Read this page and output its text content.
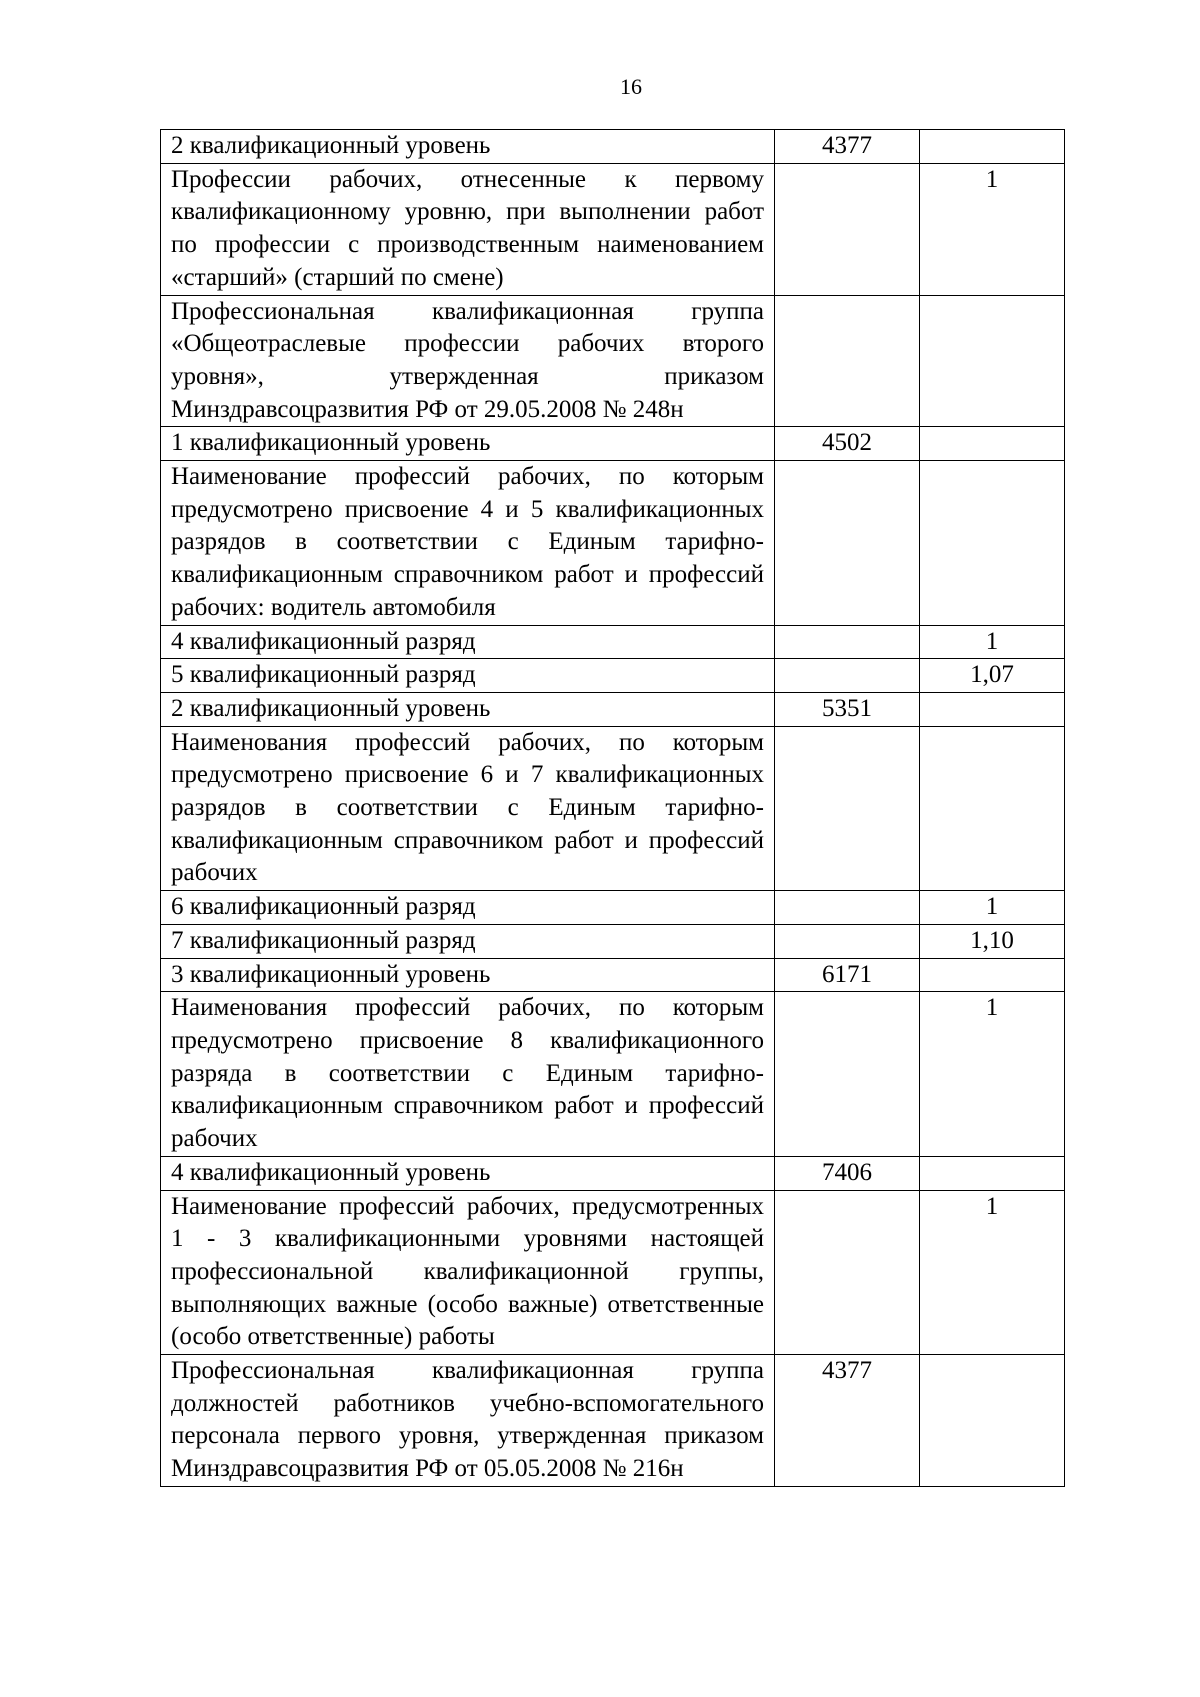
16
2 квалификационный уровень	4377	
Профессии рабочих, отнесенные к первому квалификационному уровню, при выполнении работ по профессии с производственным наименованием «старший» (старший по смене)		1
Профессиональная квалификационная группа «Общеотраслевые профессии рабочих второго уровня», утвержденная приказом Минздравсоцразвития РФ от 29.05.2008 № 248н		
1 квалификационный уровень	4502	
Наименование профессий рабочих, по которым предусмотрено присвоение 4 и 5 квалификационных разрядов в соответствии с Единым тарифно-квалификационным справочником работ и профессий рабочих: водитель автомобиля		
4 квалификационный разряд		1
5 квалификационный разряд		1,07
2 квалификационный уровень	5351	
Наименования профессий рабочих, по которым предусмотрено присвоение 6 и 7 квалификационных разрядов в соответствии с Единым тарифно-квалификационным справочником работ и профессий рабочих		
6 квалификационный разряд		1
7 квалификационный разряд		1,10
3 квалификационный уровень	6171	
Наименования профессий рабочих, по которым предусмотрено присвоение 8 квалификационного разряда в соответствии с Единым тарифно-квалификационным справочником работ и профессий рабочих		1
4 квалификационный уровень	7406	
Наименование профессий рабочих, предусмотренных 1 - 3 квалификационными уровнями настоящей профессиональной квалификационной группы, выполняющих важные (особо важные) ответственные (особо ответственные) работы		1
Профессиональная квалификационная группа должностей работников учебно-вспомогательного персонала первого уровня, утвержденная приказом Минздравсоцразвития РФ от 05.05.2008 № 216н	4377	
